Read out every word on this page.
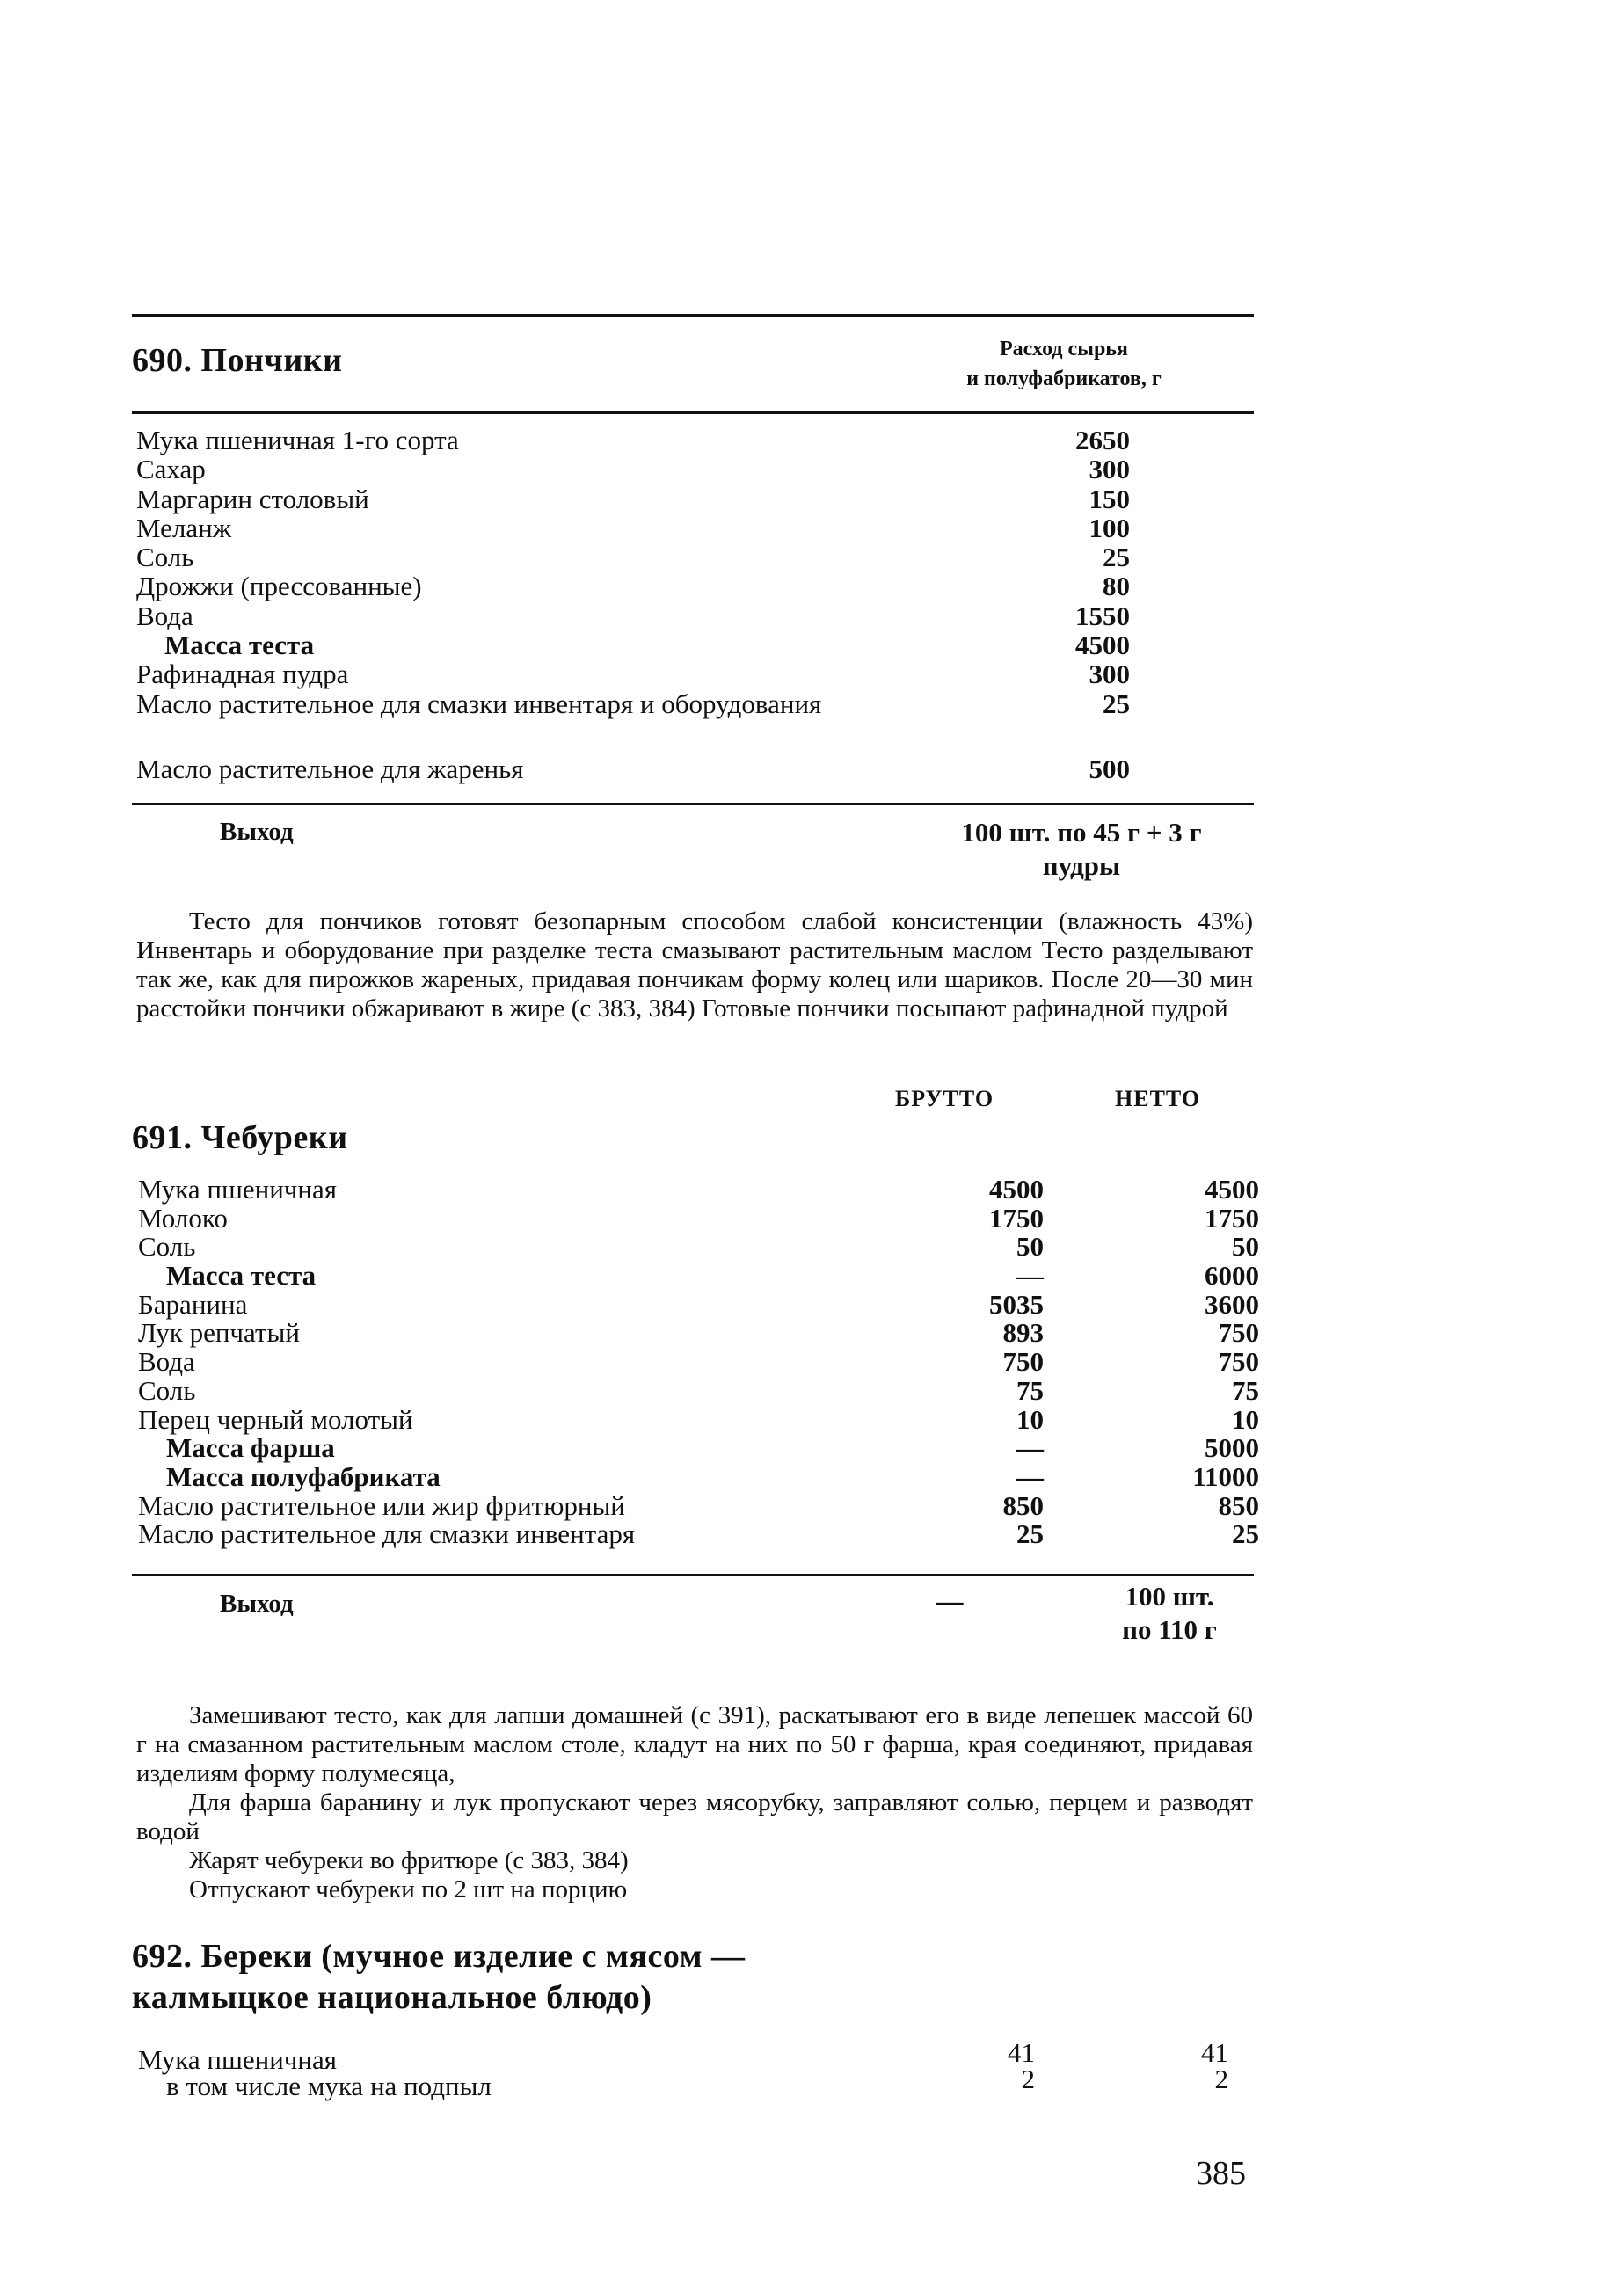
690. Пончики	Расход сырья
и полуфабрикатов, г
Мука пшеничная 1-го сорта	2650
Сахар	300
Маргарин столовый	150
Меланж	100
Соль	25
Дрожжи (прессованные)	80
Вода	1550
Масса теста	4500
Рафинадная пудра	300
Масло растительное для смазки инвентаря и оборудования	25
Масло растительное для жаренья	500
Выход	100 шт. по 45 г + 3 г
пудры

Тесто для пончиков готовят безопарным способом слабой консистенции (влажность 43%) Инвентарь и оборудование при разделке теста смазывают растительным маслом Тесто разделывают так же, как для пирожков жареных, придавая пончикам форму колец или шариков. После 20—30 мин расстойки пончики обжаривают в жире (с 383, 384) Готовые пончики посыпают рафинадной пудрой

БРУТТО	НЕТТО
691. Чебуреки
Мука пшеничная	4500	4500
Молоко	1750	1750
Соль	50	50
Масса теста	—	6000
Баранина	5035	3600
Лук репчатый	893	750
Вода	750	750
Соль	75	75
Перец черный молотый	10	10
Масса фарша	—	5000
Масса полуфабриката	—	11000
Масло растительное или жир фритюрный	850	850
Масло растительное для смазки инвентаря	25	25
Выход	—	100 шт.
по 110 г

Замешивают тесто, как для лапши домашней (с 391), раскатывают его в виде лепешек массой 60 г на смазанном растительным маслом столе, кладут на них по 50 г фарша, края соединяют, придавая изделиям форму полумесяца,

Для фарша баранину и лук пропускают через мясорубку, заправляют солью, перцем и разводят водой

Жарят чебуреки во фритюре (с 383, 384)

Отпускают чебуреки по 2 шт на порцию

692. Береки (мучное изделие с мясом —
калмыцкое национальное блюдо)
Мука пшеничная	41	41
в том числе мука на подпыл	2	2
385
